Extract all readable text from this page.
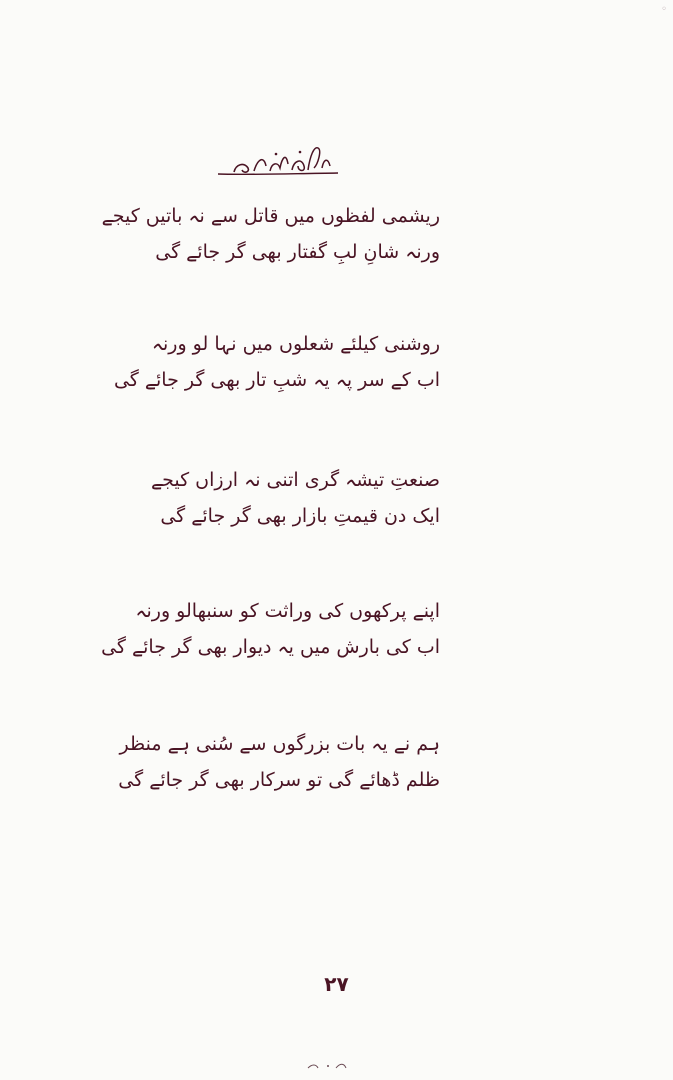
◦
ریشمی لفظوں میں قاتل سے نہ باتیں کیجے
ورنہ شانِ لبِ گفتار بھی گر جائے گی
روشنی کیلئے شعلوں میں نہا لو ورنہ
اب کے سر پہ یہ شبِ تار بھی گر جائے گی
صنعتِ تیشہ گری اتنی نہ ارزاں کیجے
ایک دن قیمتِ بازار بھی گر جائے گی
اپنے پرکھوں کی وراثت کو سنبھالو ورنہ
اب کی بارش میں یہ دیوار بھی گر جائے گی
ہم نے یہ بات بزرگوں سے سُنی ہے منظر
ظلم ڈھائے گی تو سرکار بھی گر جائے گی
۲۷
